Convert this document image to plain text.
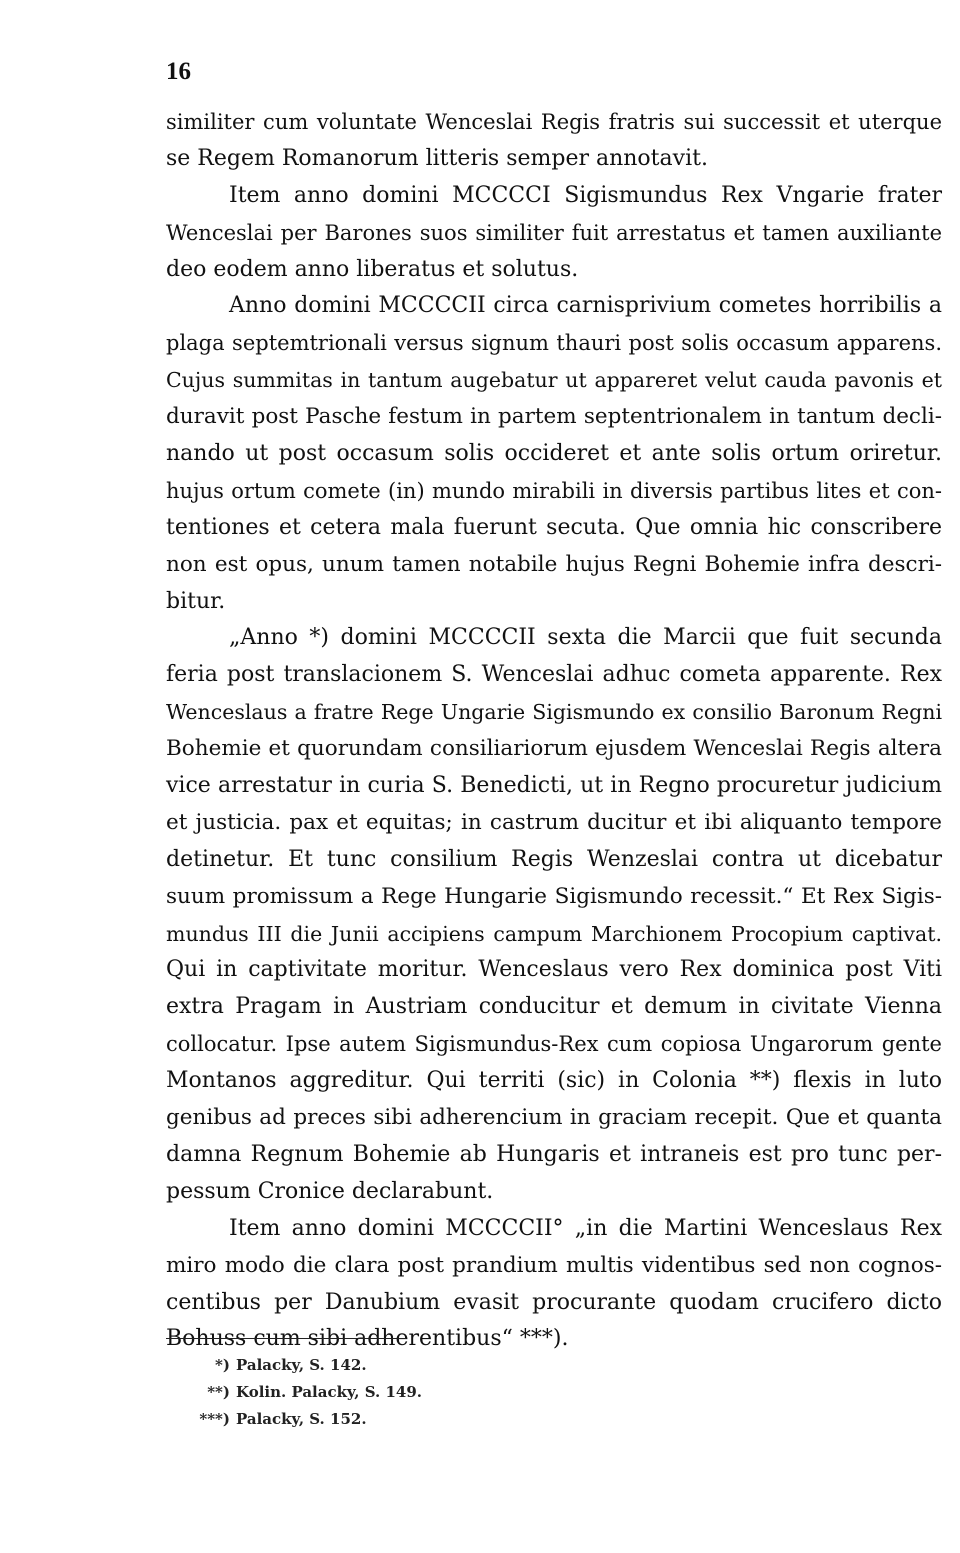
16
similiter cum voluntate Wenceslai Regis fratris sui successit et uterque
se Regem Romanorum litteris semper annotavit.
Item anno domini MCCCCI Sigismundus Rex Vngarie frater
Wenceslai per Barones suos similiter fuit arrestatus et tamen auxiliante
deo eodem anno liberatus et solutus.
Anno domini MCCCCII circa carnisprivium cometes horribilis a
plaga septemtrionali versus signum thauri post solis occasum apparens.
Cujus summitas in tantum augebatur ut appareret velut cauda pavonis et
duravit post Pasche festum in partem septentrionalem in tantum decli-
nando ut post occasum solis occideret et ante solis ortum oriretur.
hujus ortum comete (in) mundo mirabili in diversis partibus lites et con-
tentiones et cetera mala fuerunt secuta. Que omnia hic conscribere
non est opus, unum tamen notabile hujus Regni Bohemie infra descri-
bitur.
„Anno *) domini MCCCCII sexta die Marcii que fuit secunda
feria post translacionem S. Wenceslai adhuc cometa apparente. Rex
Wenceslaus a fratre Rege Ungarie Sigismundo ex consilio Baronum Regni
Bohemie et quorundam consiliariorum ejusdem Wenceslai Regis altera
vice arrestatur in curia S. Benedicti, ut in Regno procuretur judicium
et justicia. pax et equitas; in castrum ducitur et ibi aliquanto tempore
detinetur. Et tunc consilium Regis Wenzeslai contra ut dicebatur
suum promissum a Rege Hungarie Sigismundo recessit.“ Et Rex Sigis-
mundus III die Junii accipiens campum Marchionem Procopium captivat.
Qui in captivitate moritur. Wenceslaus vero Rex dominica post Viti
extra Pragam in Austriam conducitur et demum in civitate Vienna
collocatur. Ipse autem Sigismundus-Rex cum copiosa Ungarorum gente
Montanos aggreditur. Qui territi (sic) in Colonia **) flexis in luto
genibus ad preces sibi adherencium in graciam recepit. Que et quanta
damna Regnum Bohemie ab Hungaris et intraneis est pro tunc per-
pessum Cronice declarabunt.
Item anno domini MCCCCII° „in die Martini Wenceslaus Rex
miro modo die clara post prandium multis videntibus sed non cognos-
centibus per Danubium evasit procurante quodam crucifero dicto
Bohuss cum sibi adherentibus“ ***).
*) Palacky, S. 142.
**) Kolin. Palacky, S. 149.
***) Palacky, S. 152.
